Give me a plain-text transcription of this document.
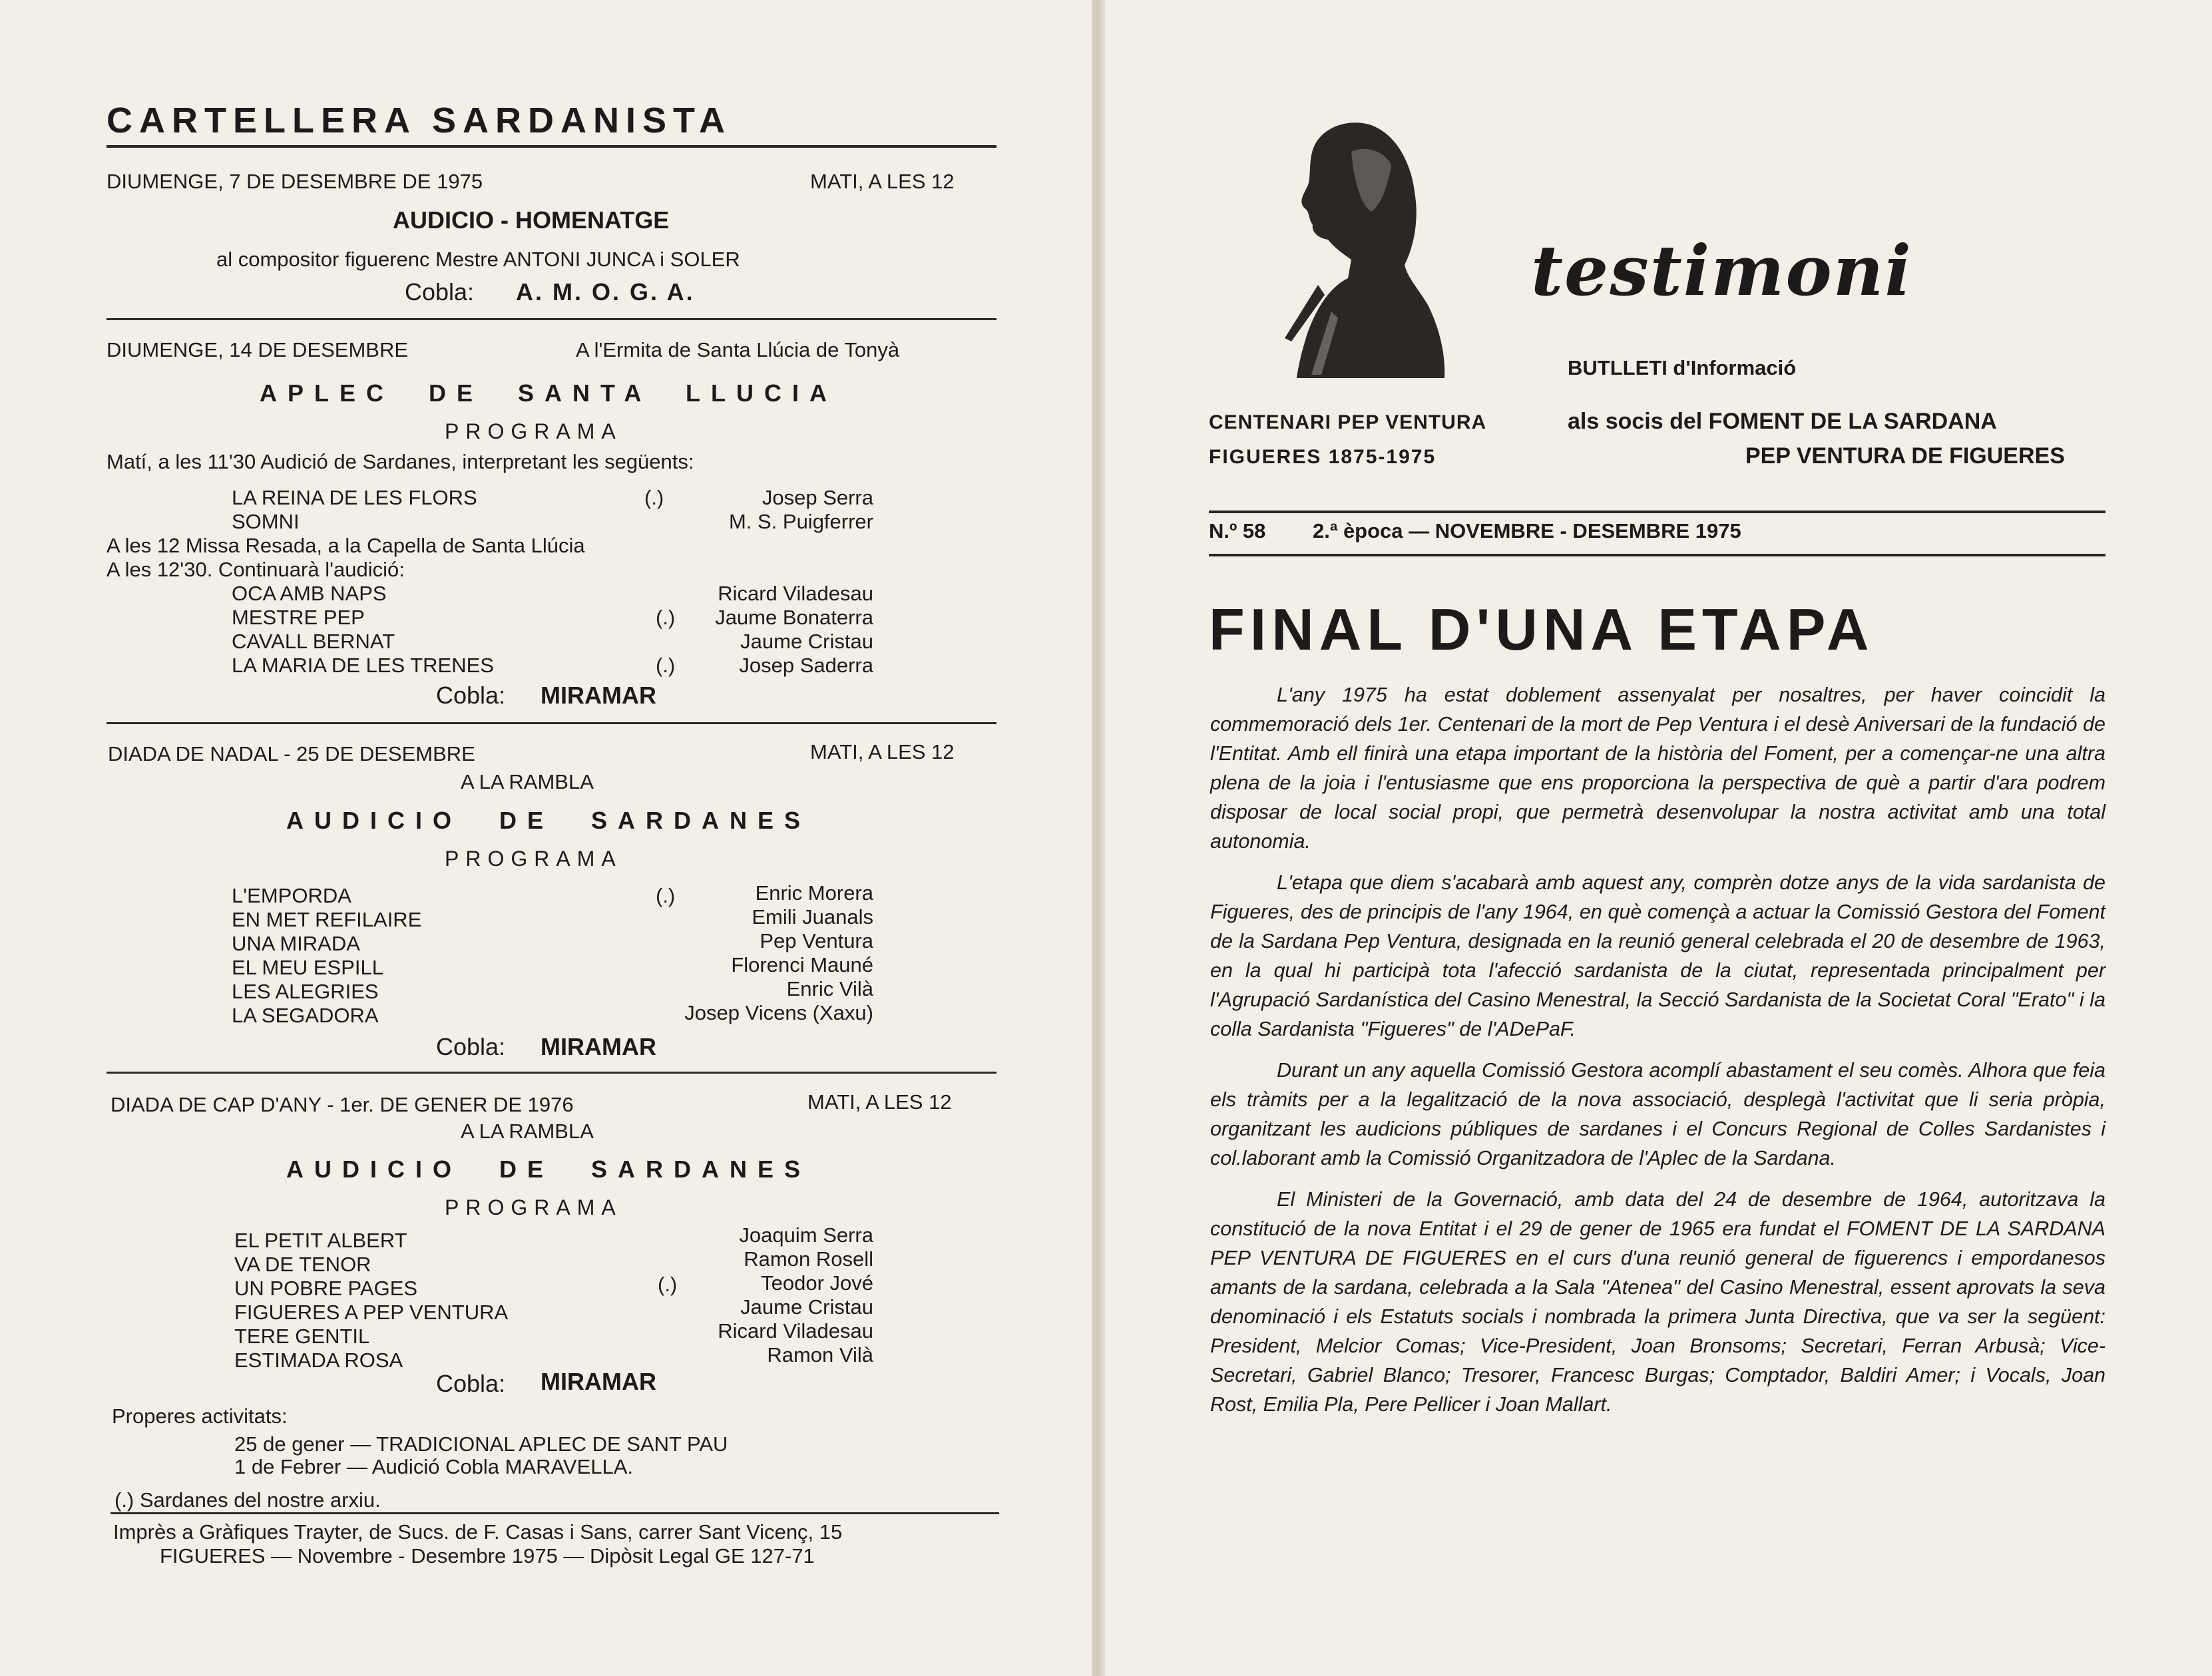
CARTELLERA SARDANISTA
DIUMENGE, 7 DE DESEMBRE DE 1975	MATI, A LES 12
AUDICIO - HOMENATGE
al compositor figuerenc Mestre ANTONI JUNCA i SOLER
Cobla: A. M. O. G. A.
DIUMENGE, 14 DE DESEMBRE	A l'Ermita de Santa Llúcia de Tonyà
APLEC DE SANTA LLUCIA
PROGRAMA
Matí, a les 11'30 Audició de Sardanes, interpretant les següents:
LA REINA DE LES FLORS	(.)	Josep Serra
SOMNI	M. S. Puigferrer
A les 12 Missa Resada, a la Capella de Santa Llúcia
A les 12'30. Continuarà l'audició:
OCA AMB NAPS	Ricard Viladesau
MESTRE PEP	(.)	Jaume Bonaterra
CAVALL BERNAT	Jaume Cristau
LA MARIA DE LES TRENES	(.)	Josep Saderra
Cobla: MIRAMAR
DIADA DE NADAL - 25 DE DESEMBRE	MATI, A LES 12
A LA RAMBLA
AUDICIO DE SARDANES
PROGRAMA
L'EMPORDA	(.)	Enric Morera
EN MET REFILAIRE	Emili Juanals
UNA MIRADA	Pep Ventura
EL MEU ESPILL	Florenci Mauné
LES ALEGRIES	Enric Vilà
LA SEGADORA	Josep Vicens (Xaxu)
Cobla: MIRAMAR
DIADA DE CAP D'ANY - 1er. DE GENER DE 1976	MATI, A LES 12
A LA RAMBLA
AUDICIO DE SARDANES
PROGRAMA
EL PETIT ALBERT	Joaquim Serra
VA DE TENOR	Ramon Rosell
UN POBRE PAGES	(.)	Teodor Jové
FIGUERES A PEP VENTURA	Jaume Cristau
TERE GENTIL	Ricard Viladesau
ESTIMADA ROSA	Ramon Vilà
Cobla: MIRAMAR
Properes activitats:
25 de gener — TRADICIONAL APLEC DE SANT PAU
1 de Febrer — Audició Cobla MARAVELLA.
(.) Sardanes del nostre arxiu.
Imprès a Gràfiques Trayter, de Sucs. de F. Casas i Sans, carrer Sant Vicenç, 15
FIGUERES — Novembre - Desembre 1975 — Dipòsit Legal GE 127-71
testimoni
BUTLLETI d'Informació
CENTENARI PEP VENTURA
FIGUERES 1875-1975
als socis del FOMENT DE LA SARDANA
PEP VENTURA DE FIGUERES
N.º 58 2.ª època — NOVEMBRE - DESEMBRE 1975
FINAL D'UNA ETAPA

L'any 1975 ha estat doblement assenyalat per nosaltres, per haver coincidit la commemoració dels 1er. Centenari de la mort de Pep Ventura i el desè Aniversari de la fundació de l'Entitat. Amb ell finirà una etapa important de la història del Foment, per a començar-ne una altra plena de la joia i l'entusiasme que ens proporciona la perspectiva de què a partir d'ara podrem disposar de local social propi, que permetrà desenvolupar la nostra activitat amb una total autonomia.

L'etapa que diem s'acabarà amb aquest any, comprèn dotze anys de la vida sardanista de Figueres, des de principis de l'any 1964, en què començà a actuar la Comissió Gestora del Foment de la Sardana Pep Ventura, designada en la reunió general celebrada el 20 de desembre de 1963, en la qual hi participà tota l'afecció sardanista de la ciutat, representada principalment per l'Agrupació Sardanística del Casino Menestral, la Secció Sardanista de la Societat Coral "Erato" i la colla Sardanista "Figueres" de l'ADePaF.

Durant un any aquella Comissió Gestora acomplí abastament el seu comès. Alhora que feia els tràmits per a la legalització de la nova associació, desplegà l'activitat que li seria pròpia, organitzant les audicions públiques de sardanes i el Concurs Regional de Colles Sardanistes i col.laborant amb la Comissió Organitzadora de l'Aplec de la Sardana.

El Ministeri de la Governació, amb data del 24 de desembre de 1964, autoritzava la constitució de la nova Entitat i el 29 de gener de 1965 era fundat el FOMENT DE LA SARDANA PEP VENTURA DE FIGUERES en el curs d'una reunió general de figuerencs i empordanesos amants de la sardana, celebrada a la Sala "Atenea" del Casino Menestral, essent aprovats la seva denominació i els Estatuts socials i nombrada la primera Junta Directiva, que va ser la següent: President, Melcior Comas; Vice-President, Joan Bronsoms; Secretari, Ferran Arbusà; Vice-Secretari, Gabriel Blanco; Tresorer, Francesc Burgas; Comptador, Baldiri Amer; i Vocals, Joan Rost, Emilia Pla, Pere Pellicer i Joan Mallart.
